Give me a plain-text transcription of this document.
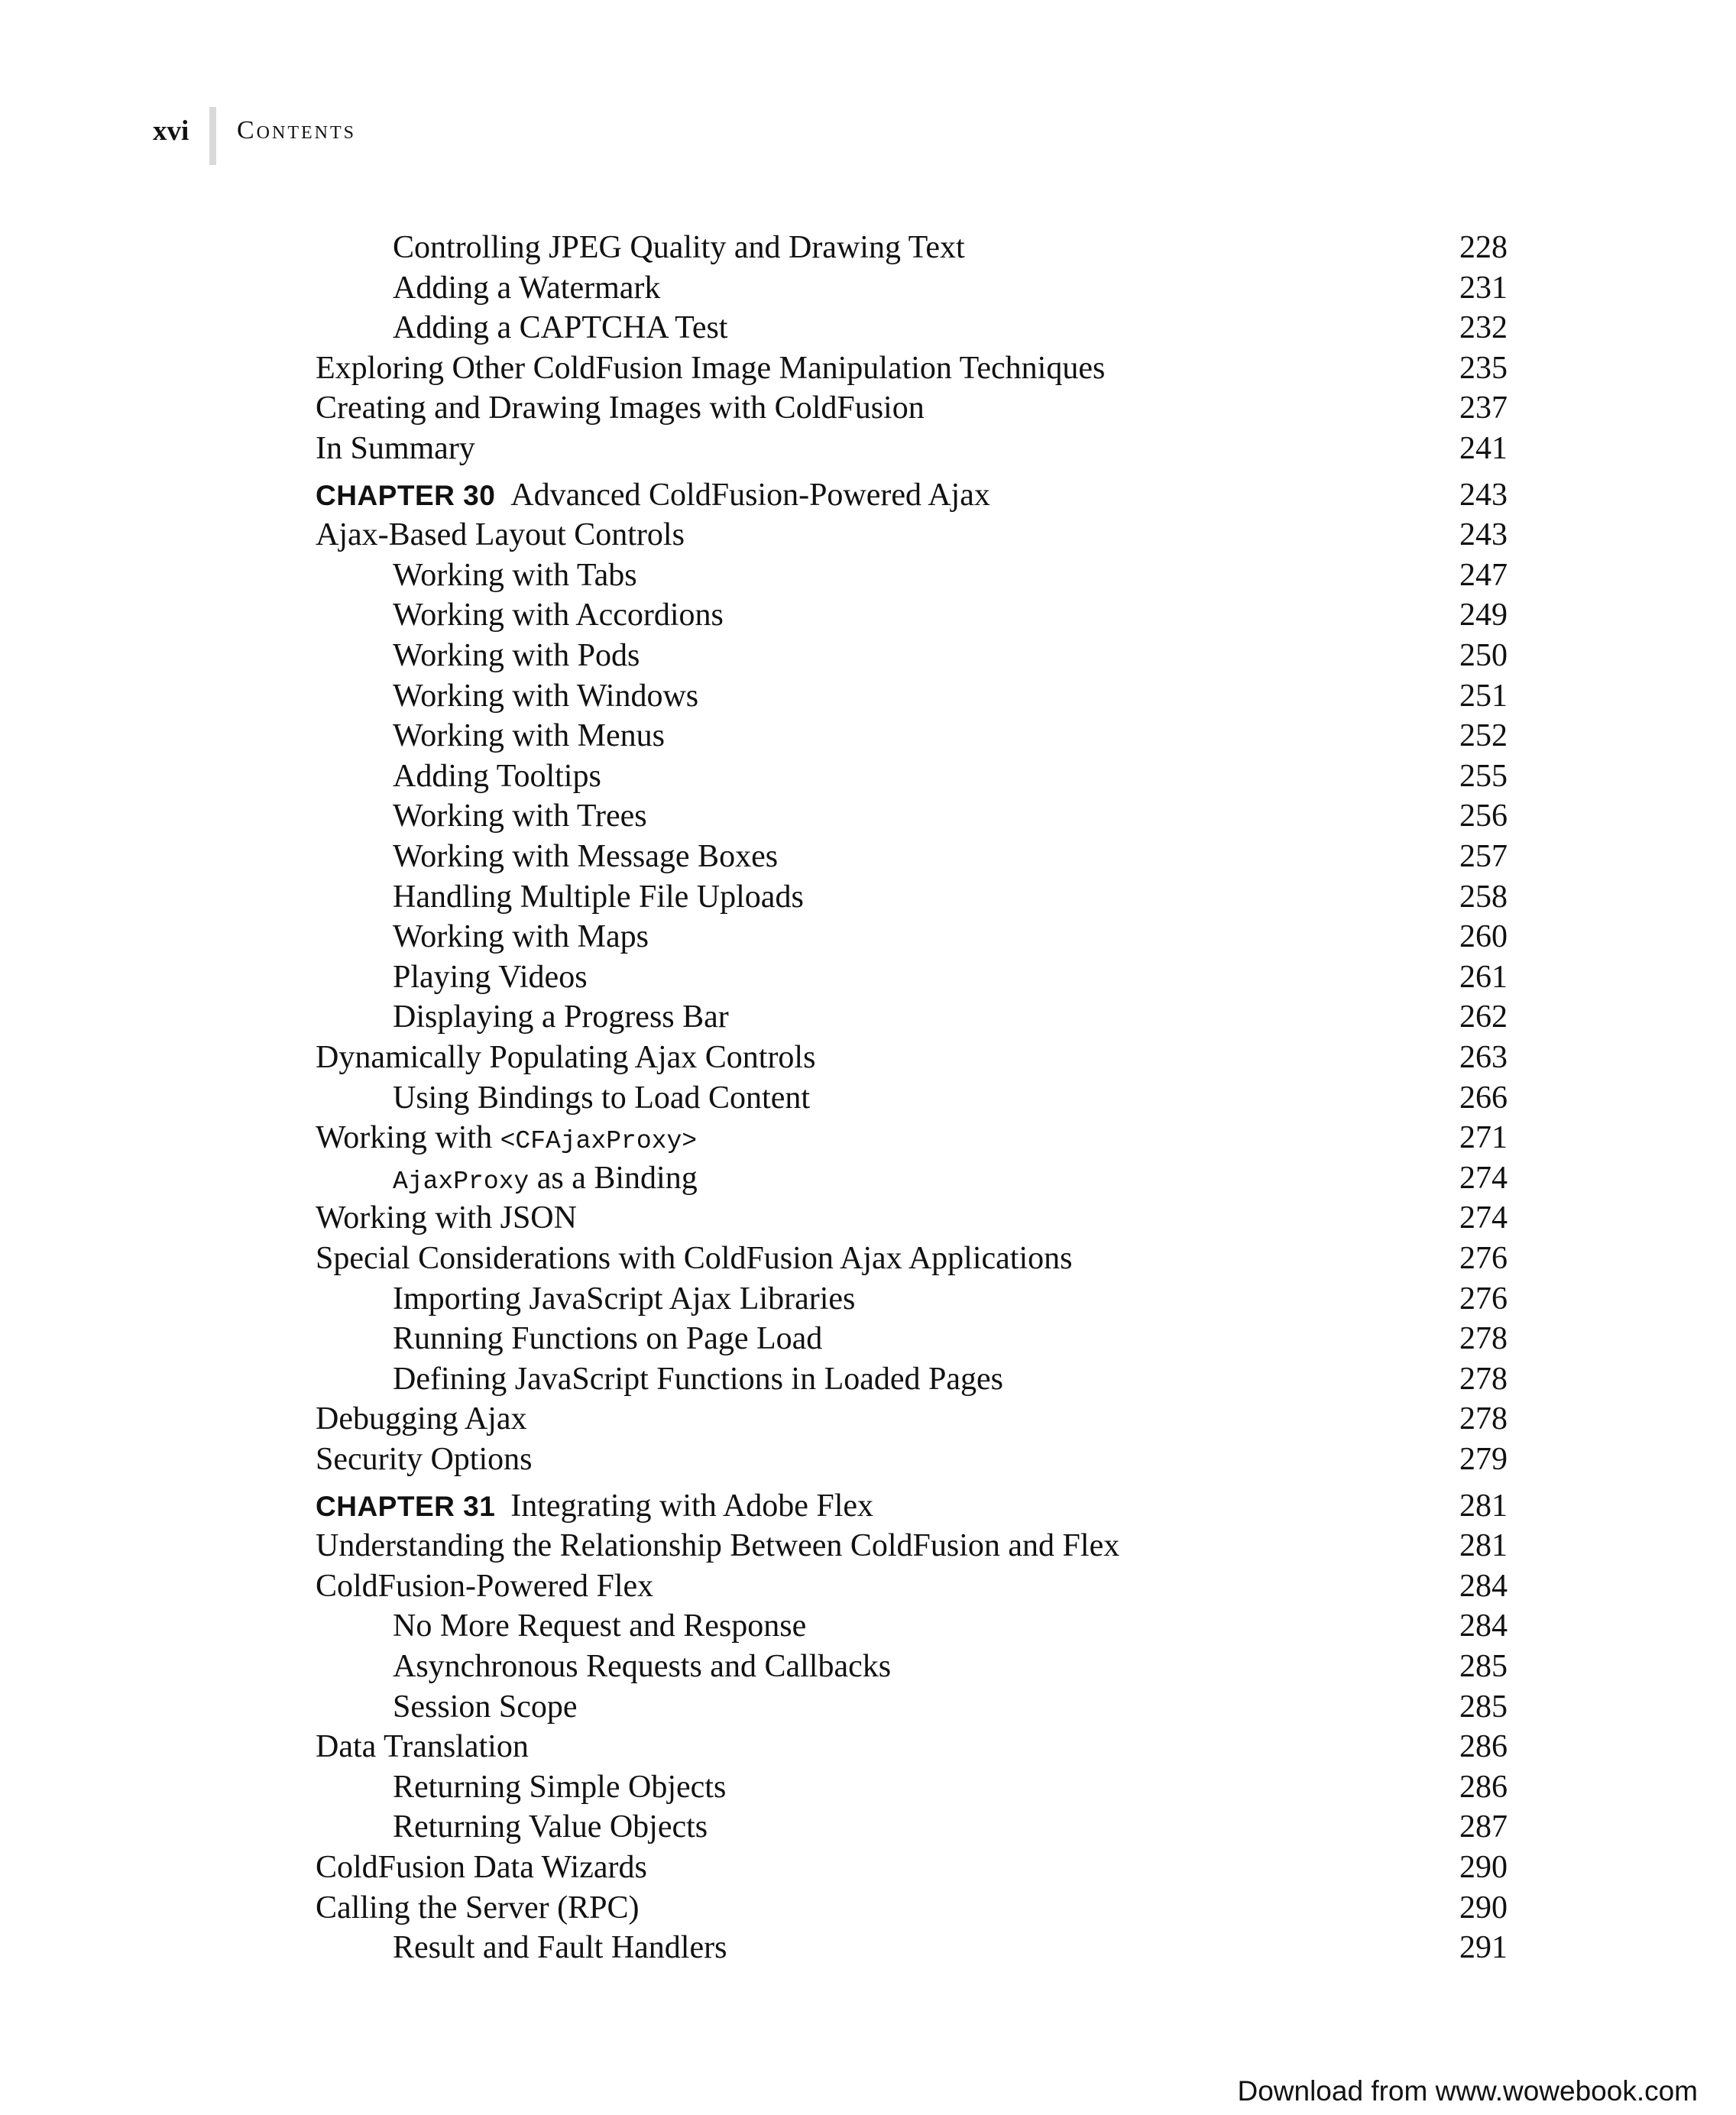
xvi Contents
Controlling JPEG Quality and Drawing Text	228
Adding a Watermark	231
Adding a CAPTCHA Test	232
Exploring Other ColdFusion Image Manipulation Techniques	235
Creating and Drawing Images with ColdFusion	237
In Summary	241
CHAPTER 30 Advanced ColdFusion-Powered Ajax	243
Ajax-Based Layout Controls	243
Working with Tabs	247
Working with Accordions	249
Working with Pods	250
Working with Windows	251
Working with Menus	252
Adding Tooltips	255
Working with Trees	256
Working with Message Boxes	257
Handling Multiple File Uploads	258
Working with Maps	260
Playing Videos	261
Displaying a Progress Bar	262
Dynamically Populating Ajax Controls	263
Using Bindings to Load Content	266
Working with <CFAjaxProxy>	271
AjaxProxy as a Binding	274
Working with JSON	274
Special Considerations with ColdFusion Ajax Applications	276
Importing JavaScript Ajax Libraries	276
Running Functions on Page Load	278
Defining JavaScript Functions in Loaded Pages	278
Debugging Ajax	278
Security Options	279
CHAPTER 31 Integrating with Adobe Flex	281
Understanding the Relationship Between ColdFusion and Flex	281
ColdFusion-Powered Flex	284
No More Request and Response	284
Asynchronous Requests and Callbacks	285
Session Scope	285
Data Translation	286
Returning Simple Objects	286
Returning Value Objects	287
ColdFusion Data Wizards	290
Calling the Server (RPC)	290
Result and Fault Handlers	291
Download from www.wowebook.com
